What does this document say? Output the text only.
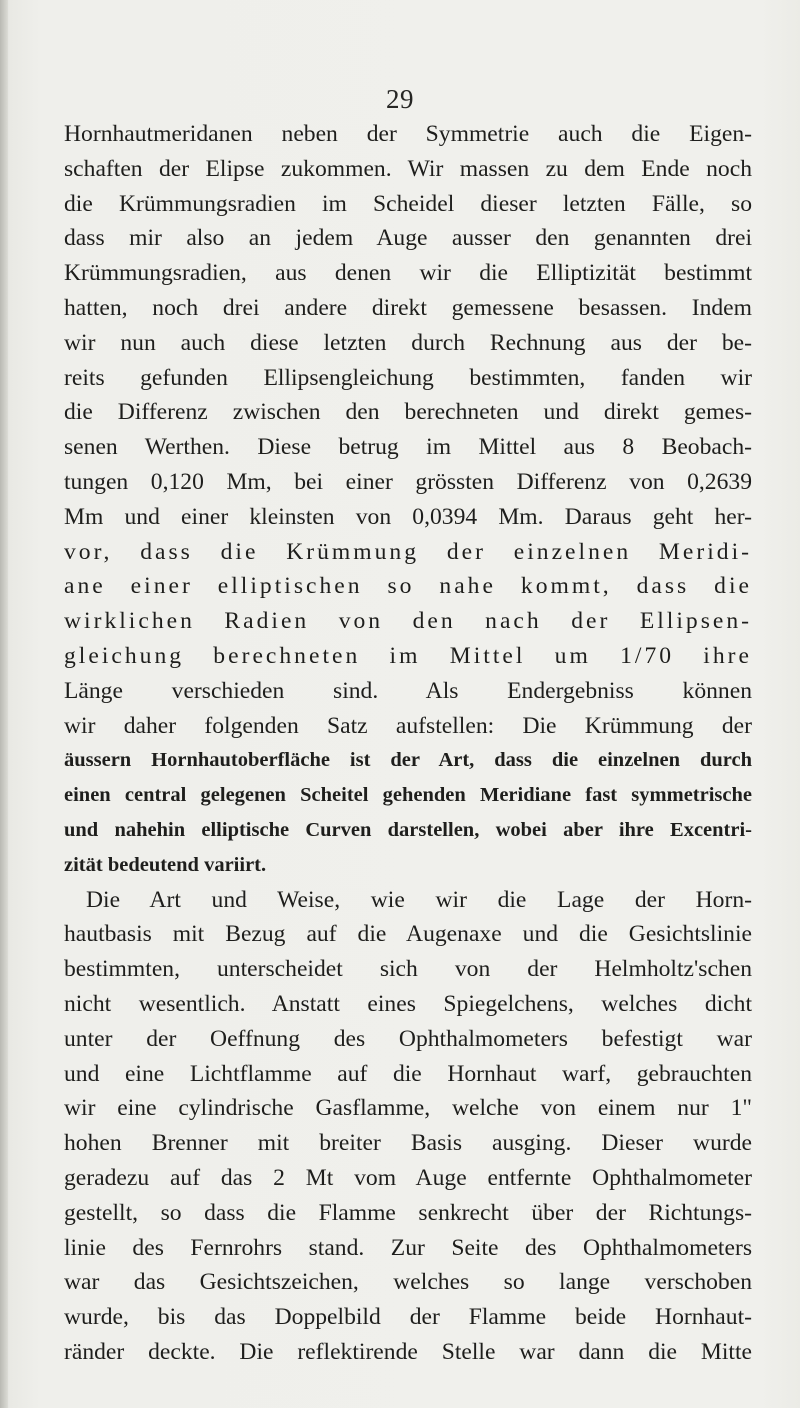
29
Hornhautmeridanen neben der Symmetrie auch die Eigen-
schaften der Elipse zukommen. Wir massen zu dem Ende noch
die Krümmungsradien im Scheidel dieser letzten Fälle, so
dass mir also an jedem Auge ausser den genannten drei
Krümmungsradien, aus denen wir die Elliptizität bestimmt
hatten, noch drei andere direkt gemessene besassen. Indem
wir nun auch diese letzten durch Rechnung aus der be-
reits gefunden Ellipsengleichung bestimmten, fanden wir
die Differenz zwischen den berechneten und direkt gemes-
senen Werthen. Diese betrug im Mittel aus 8 Beobach-
tungen 0,120 Mm, bei einer grössten Differenz von 0,2639
Mm und einer kleinsten von 0,0394 Mm. Daraus geht her-
vor, dass die Krümmung der einzelnen Meridi-
ane einer elliptischen so nahe kommt, dass die
wirklichen Radien von den nach der Ellipsen-
gleichung berechneten im Mittel um 1/70 ihre
Länge verschieden sind. Als Endergebniss können
wir daher folgenden Satz aufstellen: Die Krümmung der
äussern Hornhautoberfläche ist der Art, dass die einzelnen durch
einen central gelegenen Scheitel gehenden Meridiane fast symmetrische
und nahehin elliptische Curven darstellen, wobei aber ihre Excentri-
zität bedeutend variirt.
Die Art und Weise, wie wir die Lage der Horn-
hautbasis mit Bezug auf die Augenaxe und die Gesichtslinie
bestimmten, unterscheidet sich von der Helmholtz'schen
nicht wesentlich. Anstatt eines Spiegelchens, welches dicht
unter der Oeffnung des Ophthalmometers befestigt war
und eine Lichtflamme auf die Hornhaut warf, gebrauchten
wir eine cylindrische Gasflamme, welche von einem nur 1"
hohen Brenner mit breiter Basis ausging. Dieser wurde
geradezu auf das 2 Mt vom Auge entfernte Ophthalmometer
gestellt, so dass die Flamme senkrecht über der Richtungs-
linie des Fernrohrs stand. Zur Seite des Ophthalmometers
war das Gesichtszeichen, welches so lange verschoben
wurde, bis das Doppelbild der Flamme beide Hornhaut-
ränder deckte. Die reflektirende Stelle war dann die Mitte
